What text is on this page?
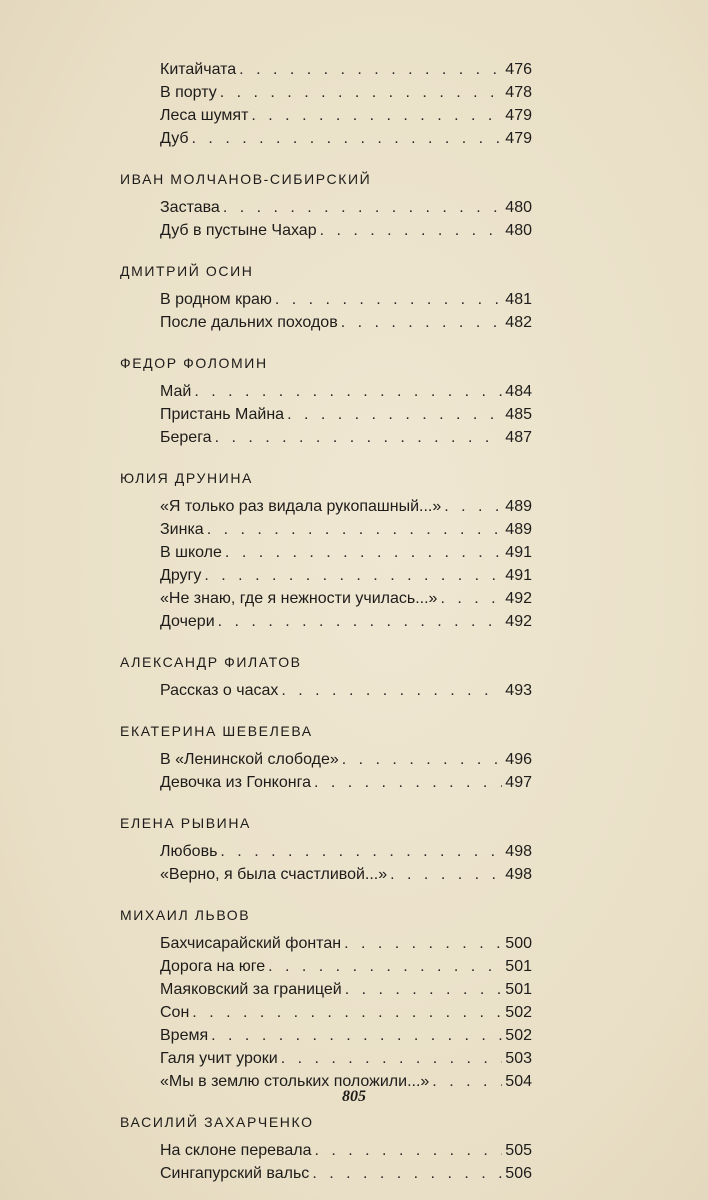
Китайчата . . .	476
В порту . . .	478
Леса шумят . . .	479
Дуб . . .	479
ИВАН МОЛЧАНОВ-СИБИРСКИЙ
Застава . . .	480
Дуб в пустыне Чахар . . .	480
ДМИТРИЙ ОСИН
В родном краю . . .	481
После дальних походов . . .	482
ФЕДОР ФОЛОМИН
Май . . .	484
Пристань Майна . . .	485
Берега . . .	487
ЮЛИЯ ДРУНИНА
«Я только раз видала рукопашный...» . . .	489
Зинка . . .	489
В школе . . .	491
Другу . . .	491
«Не знаю, где я нежности училась...» . . .	492
Дочери . . .	492
АЛЕКСАНДР ФИЛАТОВ
Рассказ о часах . . .	493
ЕКАТЕРИНА ШЕВЕЛЕВА
В «Ленинской слободе» . . .	496
Девочка из Гонконга . . .	497
ЕЛЕНА РЫВИНА
Любовь . . .	498
«Верно, я была счастливой...» . . .	498
МИХАИЛ ЛЬВОВ
Бахчисарайский фонтан . . .	500
Дорога на юге . . .	501
Маяковский за границей . . .	501
Сон . . .	502
Время . . .	502
Галя учит уроки . . .	503
«Мы в землю стольких положили...» . . .	504
ВАСИЛИЙ ЗАХАРЧЕНКО
На склоне перевала . . .	505
Сингапурский вальс . . .	506
805
